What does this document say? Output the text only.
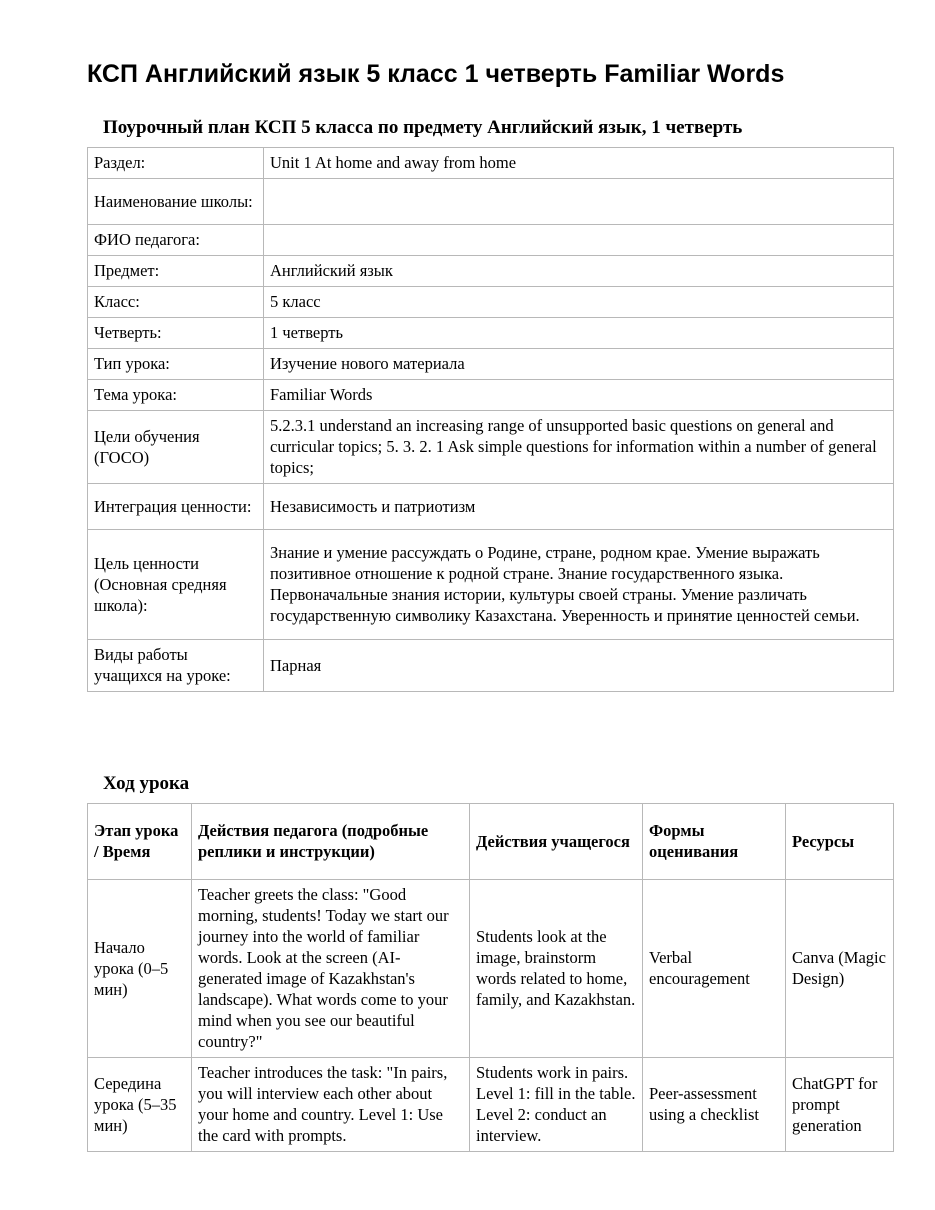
КСП Английский язык 5 класс 1 четверть Familiar Words
Поурочный план КСП 5 класса по предмету Английский язык, 1 четверть
Раздел:	Unit 1 At home and away from home
Наименование школы:	
ФИО педагога:	
Предмет:	Английский язык
Класс:	5 класс
Четверть:	1 четверть
Тип урока:	Изучение нового материала
Тема урока:	Familiar Words
Цели обучения (ГОСО)	5.2.3.1 understand an increasing range of unsupported basic questions on general and curricular topics; 5. 3. 2. 1 Ask simple questions for information within a number of general topics;
Интеграция ценности:	Независимость и патриотизм
Цель ценности (Основная средняя школа):	Знание и умение рассуждать о Родине, стране, родном крае. Умение выражать позитивное отношение к родной стране. Знание государственного языка. Первоначальные знания истории, культуры своей страны. Умение различать государственную символику Казахстана. Уверенность и принятие ценностей семьи.
Виды работы учащихся на уроке:	Парная
Ход урока
Этап урока / Время	Действия педагога (подробные реплики и инструкции)	Действия учащегося	Формы оценивания	Ресурсы
Начало урока (0–5 мин)	Teacher greets the class: "Good morning, students! Today we start our journey into the world of familiar words. Look at the screen (AI-generated image of Kazakhstan's landscape). What words come to your mind when you see our beautiful country?"	Students look at the image, brainstorm words related to home, family, and Kazakhstan.	Verbal encouragement	Canva (Magic Design)
Середина урока (5–35 мин)	Teacher introduces the task: "In pairs, you will interview each other about your home and country. Level 1: Use the card with prompts.	Students work in pairs. Level 1: fill in the table. Level 2: conduct an interview.	Peer-assessment using a checklist	ChatGPT for prompt generation
